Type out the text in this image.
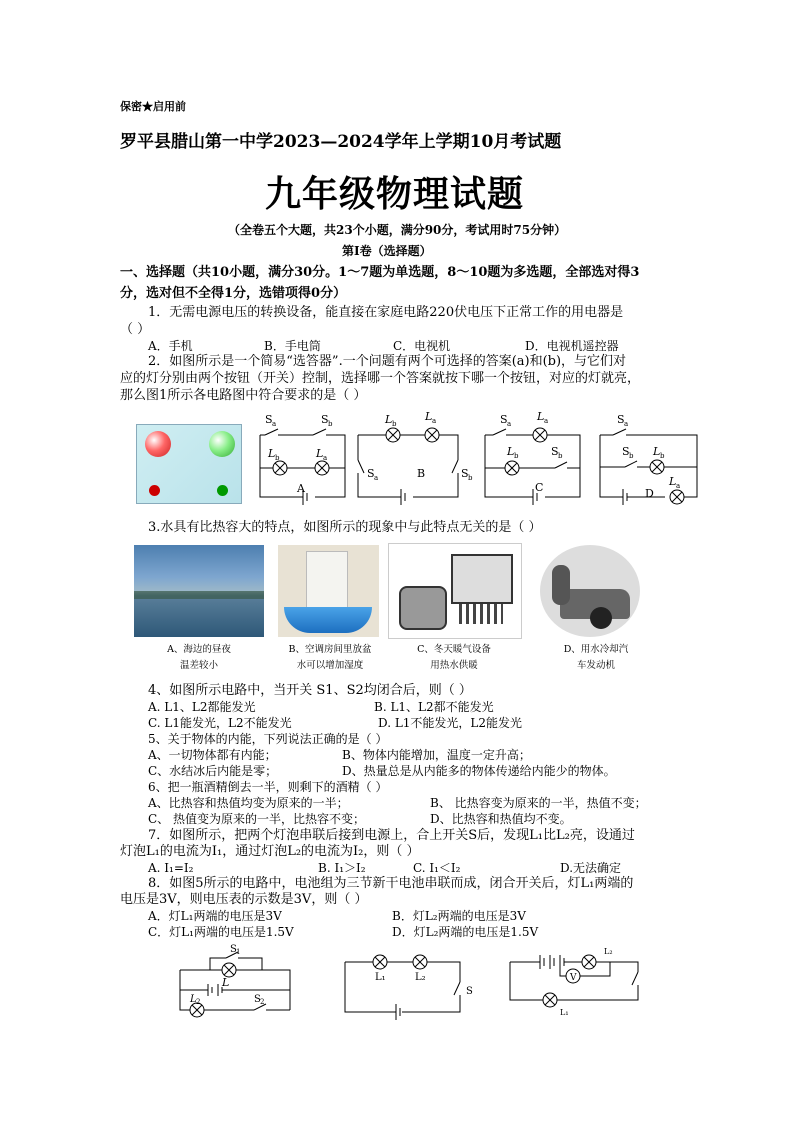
保密★启用前
罗平县腊山第一中学2023—2024学年上学期10月考试题
九年级物理试题
（全卷五个大题，共23个小题，满分90分，考试用时75分钟）
第Ⅰ卷（选择题）
一、选择题（共10小题，满分30分。1～7题为单选题，8～10题为多选题，全部选对得3
分，选对但不全得1分，选错项得0分）
1．无需电源电压的转换设备，能直接在家庭电路220伏电压下正常工作的用电器是
（ ）
A．手机	B．手电筒	C．电视机	D．电视机遥控器
2．如图所示是一个简易“选答器”.一个问题有两个可选择的答案(a)和(b)，与它们对
应的灯分别由两个按钮（开关）控制，选择哪一个答案就按下哪一个按钮，对应的灯就亮，
那么图1所示各电路图中符合要求的是（ ）
S a	S b
L b	L a
A
L b
L a
S a	B	S b
S a
L a
L b	S b
C
S a
S b L b
D
L a
3.水具有比热容大的特点，如图所示的现象中与此特点无关的是（ ）
A、海边的昼夜
温差较小
B、空调房间里放盆
水可以增加湿度
C、冬天暖气设备
用热水供暖
D、用水冷却汽
车发动机
4、如图所示电路中，当开关 S1、S2均闭合后，则（ ）
A. L1、L2都能发光	B. L1、L2都不能发光
C. L1能发光，L2不能发光	D. L1不能发光，L2能发光
5、关于物体的内能，下列说法正确的是（ ）
A、一切物体都有内能；	B、物体内能增加，温度一定升高；
C、水结冰后内能是零；	D、热量总是从内能多的物体传递给内能少的物体。
6、把一瓶酒精倒去一半，则剩下的酒精（ ）
A、比热容和热值均变为原来的一半；	B、 比热容变为原来的一半，热值不变；
C、 热值变为原来的一半，比热容不变；	D、比热容和热值均不变。
7．如图所示，把两个灯泡串联后接到电源上，合上开关S后，发现L₁比L₂亮，设通过
灯泡L₁的电流为I₁，通过灯泡L₂的电流为I₂，则（ ）
A. I₁=I₂	B. I₁＞I₂	C. I₁＜I₂	D.无法确定
8．如图5所示的电路中，电池组为三节新干电池串联而成，闭合开关后，灯L₁两端的
电压是3V，则电压表的示数是3V，则（ ）
A．灯L₁两端的电压是3V	B．灯L₂两端的电压是3V
C．灯L₁两端的电压是1.5V	D．灯L₂两端的电压是1.5V
S 1
L 2
L
S 2
L₁	L₂
S
V
L₂
L₁
